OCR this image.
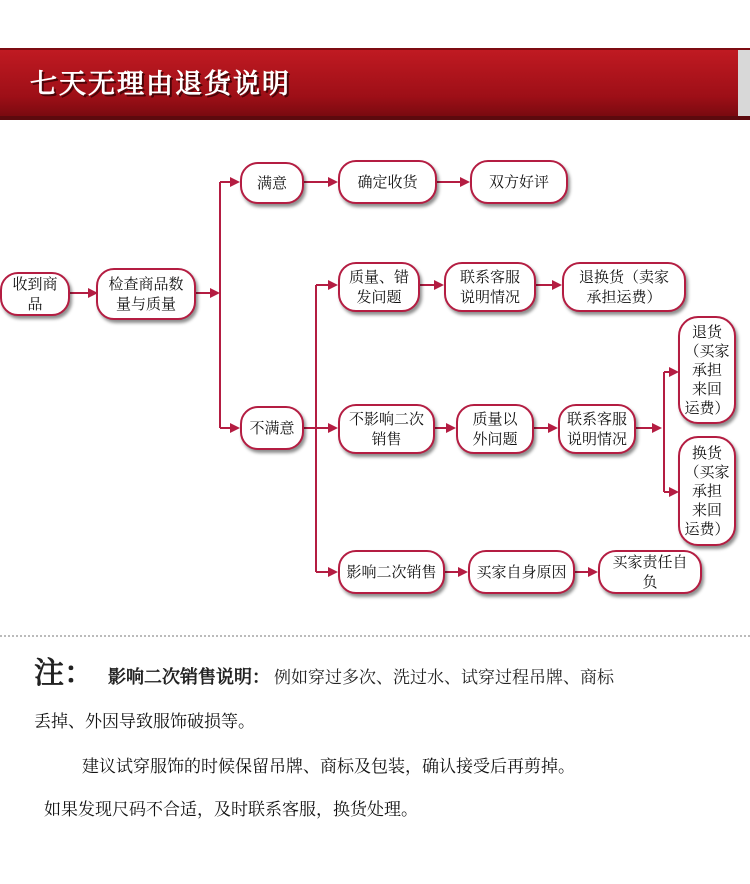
七天无理由退货说明
收到商品
检查商品数
量与质量
满意	确定收货	双方好评
不满意
质量、错
发问题
联系客服
说明情况
退换货（卖家
承担运费）
不影响二次
销售
质量以
外问题
联系客服
说明情况
退货
（买家
承担
来回
运费）
换货
（买家
承担
来回
运费）
影响二次销售	买家自身原因
买家责任自负
注： 影响二次销售说明： 例如穿过多次、洗过水、试穿过程吊牌、商标
丢掉、外因导致服饰破损等。
建议试穿服饰的时候保留吊牌、商标及包装，确认接受后再剪掉。
如果发现尺码不合适，及时联系客服，换货处理。
